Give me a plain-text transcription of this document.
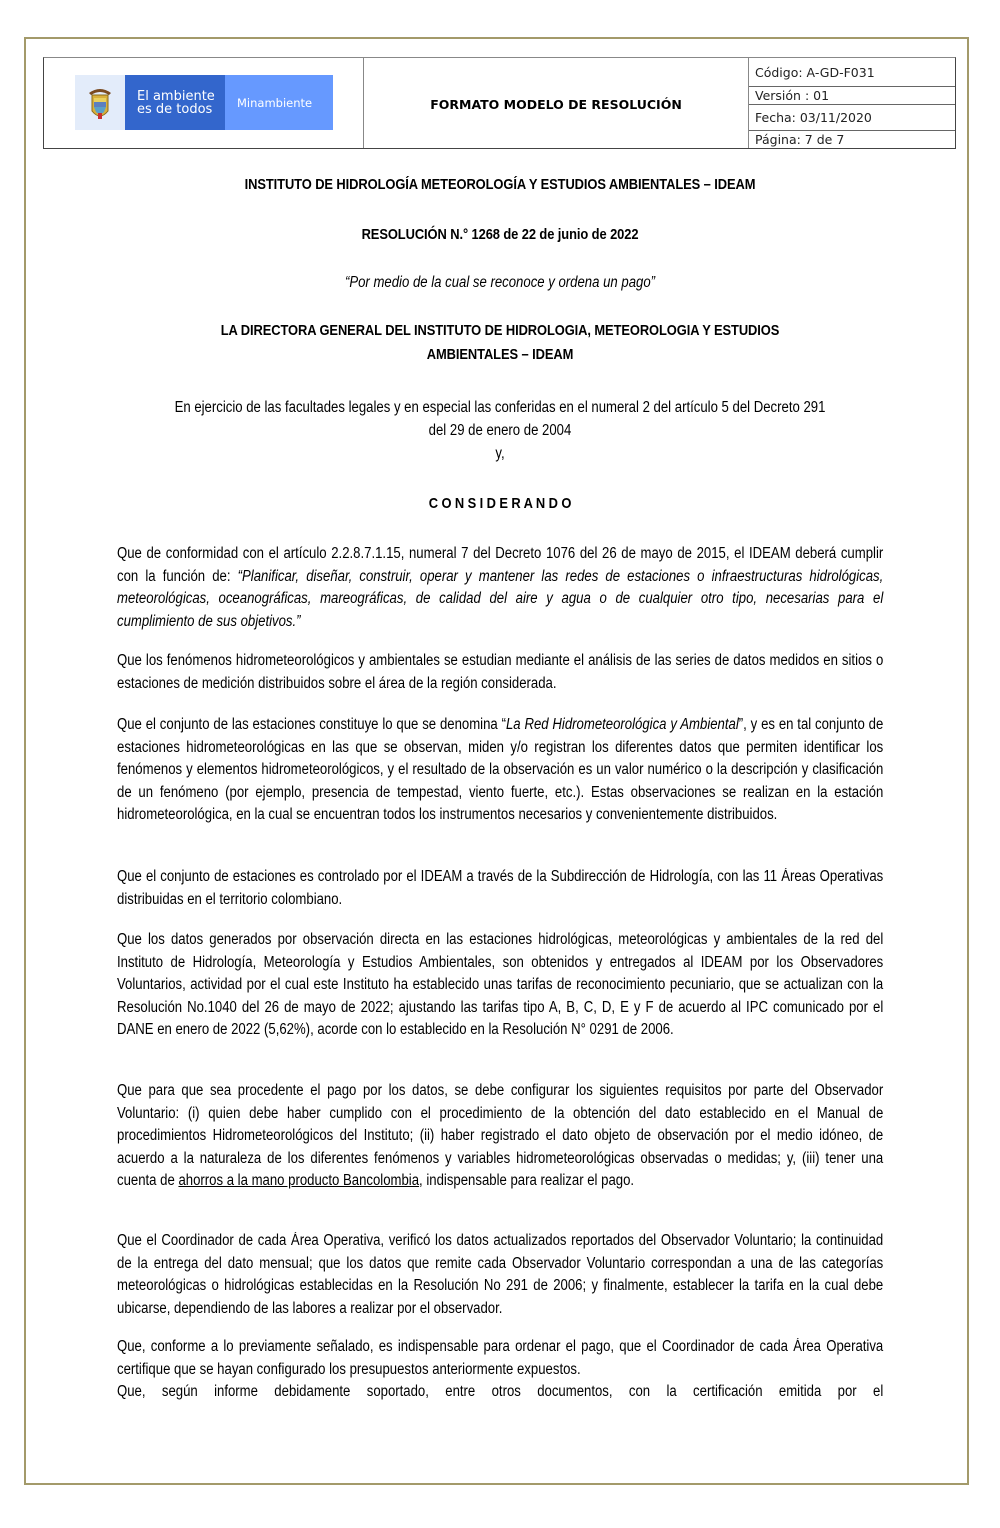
El ambiente
es de todos	Minambiente	FORMATO MODELO DE RESOLUCIÓN
Código: A-GD-F031
Versión : 01
Fecha: 03/11/2020
Página: 7 de 7
INSTITUTO DE HIDROLOGÍA METEOROLOGÍA Y ESTUDIOS AMBIENTALES – IDEAM
RESOLUCIÓN N.° 1268 de 22 de junio de 2022
“Por medio de la cual se reconoce y ordena un pago”
LA DIRECTORA GENERAL DEL INSTITUTO DE HIDROLOGIA, METEOROLOGIA Y ESTUDIOS
AMBIENTALES – IDEAM
En ejercicio de las facultades legales y en especial las conferidas en el numeral 2 del artículo 5 del Decreto 291
del 29 de enero de 2004
y,
C O N S I D E R A N D O
Que de conformidad con el artículo 2.2.8.7.1.15, numeral 7 del Decreto 1076 del 26 de mayo de 2015, el IDEAM deberá cumplir con la función de: “Planificar, diseñar, construir, operar y mantener las redes de estaciones o infraestructuras hidrológicas, meteorológicas, oceanográficas, mareográficas, de calidad del aire y agua o de cualquier otro tipo, necesarias para el cumplimiento de sus objetivos.”
Que los fenómenos hidrometeorológicos y ambientales se estudian mediante el análisis de las series de datos medidos en sitios o estaciones de medición distribuidos sobre el área de la región considerada.
Que el conjunto de las estaciones constituye lo que se denomina “La Red Hidrometeorológica y Ambiental”, y es en tal conjunto de estaciones hidrometeorológicas en las que se observan, miden y/o registran los diferentes datos que permiten identificar los fenómenos y elementos hidrometeorológicos, y el resultado de la observación es un valor numérico o la descripción y clasificación de un fenómeno (por ejemplo, presencia de tempestad, viento fuerte, etc.). Estas observaciones se realizan en la estación hidrometeorológica, en la cual se encuentran todos los instrumentos necesarios y convenientemente distribuidos.
Que el conjunto de estaciones es controlado por el IDEAM a través de la Subdirección de Hidrología, con las 11 Áreas Operativas distribuidas en el territorio colombiano.
Que los datos generados por observación directa en las estaciones hidrológicas, meteorológicas y ambientales de la red del Instituto de Hidrología, Meteorología y Estudios Ambientales, son obtenidos y entregados al IDEAM por los Observadores Voluntarios, actividad por el cual este Instituto ha establecido unas tarifas de reconocimiento pecuniario, que se actualizan con la Resolución No.1040 del 26 de mayo de 2022; ajustando las tarifas tipo A, B, C, D, E y F de acuerdo al IPC comunicado por el DANE en enero de 2022 (5,62%), acorde con lo establecido en la Resolución N° 0291 de 2006.
Que para que sea procedente el pago por los datos, se debe configurar los siguientes requisitos por parte del Observador Voluntario: (i) quien debe haber cumplido con el procedimiento de la obtención del dato establecido en el Manual de procedimientos Hidrometeorológicos del Instituto; (ii) haber registrado el dato objeto de observación por el medio idóneo, de acuerdo a la naturaleza de los diferentes fenómenos y variables hidrometeorológicas observadas o medidas; y, (iii) tener una cuenta de ahorros a la mano producto Bancolombia, indispensable para realizar el pago.
Que el Coordinador de cada Área Operativa, verificó los datos actualizados reportados del Observador Voluntario; la continuidad de la entrega del dato mensual; que los datos que remite cada Observador Voluntario correspondan a una de las categorías meteorológicas o hidrológicas establecidas en la Resolución No 291 de 2006; y finalmente, establecer la tarifa en la cual debe ubicarse, dependiendo de las labores a realizar por el observador.
Que, conforme a lo previamente señalado, es indispensable para ordenar el pago, que el Coordinador de cada Área Operativa certifique que se hayan configurado los presupuestos anteriormente expuestos.
Que, según informe debidamente soportado, entre otros documentos, con la certificación emitida por el
